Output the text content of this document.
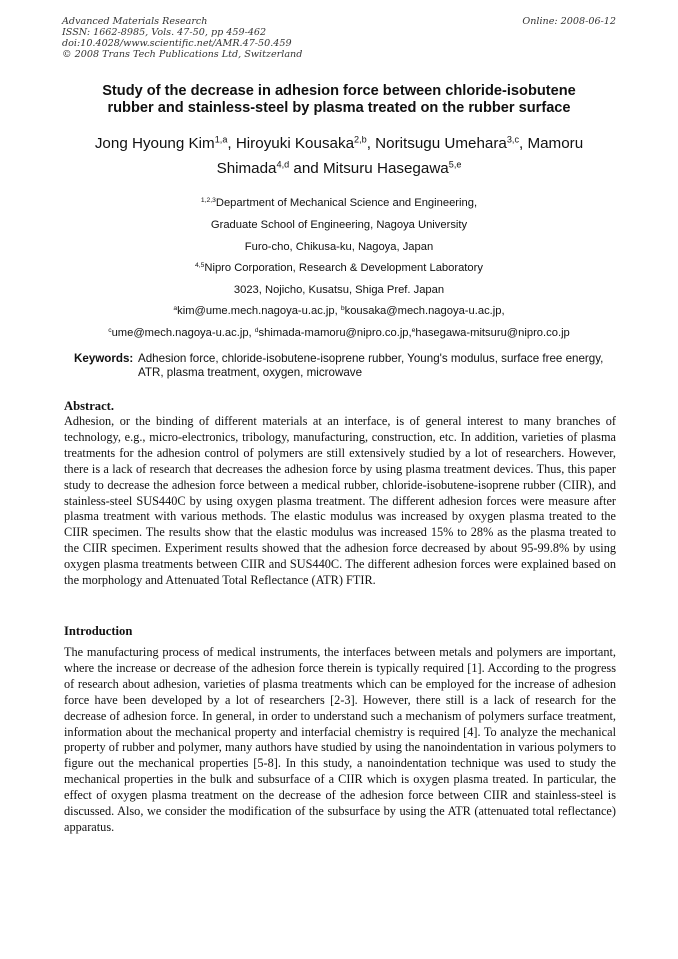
Advanced Materials Research
ISSN: 1662-8985, Vols. 47-50, pp 459-462
doi:10.4028/www.scientific.net/AMR.47-50.459
© 2008 Trans Tech Publications Ltd, Switzerland
Online: 2008-06-12
Study of the decrease in adhesion force between chloride-isobutene
rubber and stainless-steel by plasma treated on the rubber surface
Jong Hyoung Kim$^{1,a}$, Hiroyuki Kousaka$^{2,b}$, Noritsugu Umehara$^{3,c}$, Mamoru Shimada$^{4,d}$ and Mitsuru Hasegawa$^{5,e}$
$^{1,2,3}$Department of Mechanical Science and Engineering,
Graduate School of Engineering, Nagoya University
Furo-cho, Chikusa-ku, Nagoya, Japan
$^{4,5}$Nipro Corporation, Research & Development Laboratory
3023, Nojicho, Kusatsu, Shiga Pref. Japan
$^a$kim@ume.mech.nagoya-u.ac.jp, $^b$kousaka@mech.nagoya-u.ac.jp,
$^c$ume@mech.nagoya-u.ac.jp, $^d$shimada-mamoru@nipro.co.jp,$^e$hasegawa-mitsuru@nipro.co.jp
Keywords: Adhesion force, chloride-isobutene-isoprene rubber, Young's modulus, surface free energy, ATR, plasma treatment, oxygen, microwave
Abstract.
Adhesion, or the binding of different materials at an interface, is of general interest to many branches of technology, e.g., micro-electronics, tribology, manufacturing, construction, etc. In addition, varieties of plasma treatments for the adhesion control of polymers are still extensively studied by a lot of researchers. However, there is a lack of research that decreases the adhesion force by using plasma treatment devices. Thus, this paper study to decrease the adhesion force between a medical rubber, chloride-isobutene-isoprene rubber (CIIR), and stainless-steel SUS440C by using oxygen plasma treatment. The different adhesion forces were measure after plasma treatment with various methods. The elastic modulus was increased by oxygen plasma treated to the CIIR specimen. The results show that the elastic modulus was increased 15% to 28% as the plasma treated to the CIIR specimen. Experiment results showed that the adhesion force decreased by about 95-99.8% by using oxygen plasma treatments between CIIR and SUS440C. The different adhesion forces were explained based on the morphology and Attenuated Total Reflectance (ATR) FTIR.
Introduction
The manufacturing process of medical instruments, the interfaces between metals and polymers are important, where the increase or decrease of the adhesion force therein is typically required [1]. According to the progress of research about adhesion, varieties of plasma treatments which can be employed for the increase of adhesion force have been developed by a lot of researchers [2-3]. However, there still is a lack of research for the decrease of adhesion force. In general, in order to understand such a mechanism of polymers surface treatment, information about the mechanical property and interfacial chemistry is required [4]. To analyze the mechanical property of rubber and polymer, many authors have studied by using the nanoindentation in various polymers to figure out the mechanical properties [5-8]. In this study, a nanoindentation technique was used to study the mechanical properties in the bulk and subsurface of a CIIR which is oxygen plasma treated. In particular, the effect of oxygen plasma treatment on the decrease of the adhesion force between CIIR and stainless-steel is discussed. Also, we consider the modification of the subsurface by using the ATR (attenuated total reflectance) apparatus.
